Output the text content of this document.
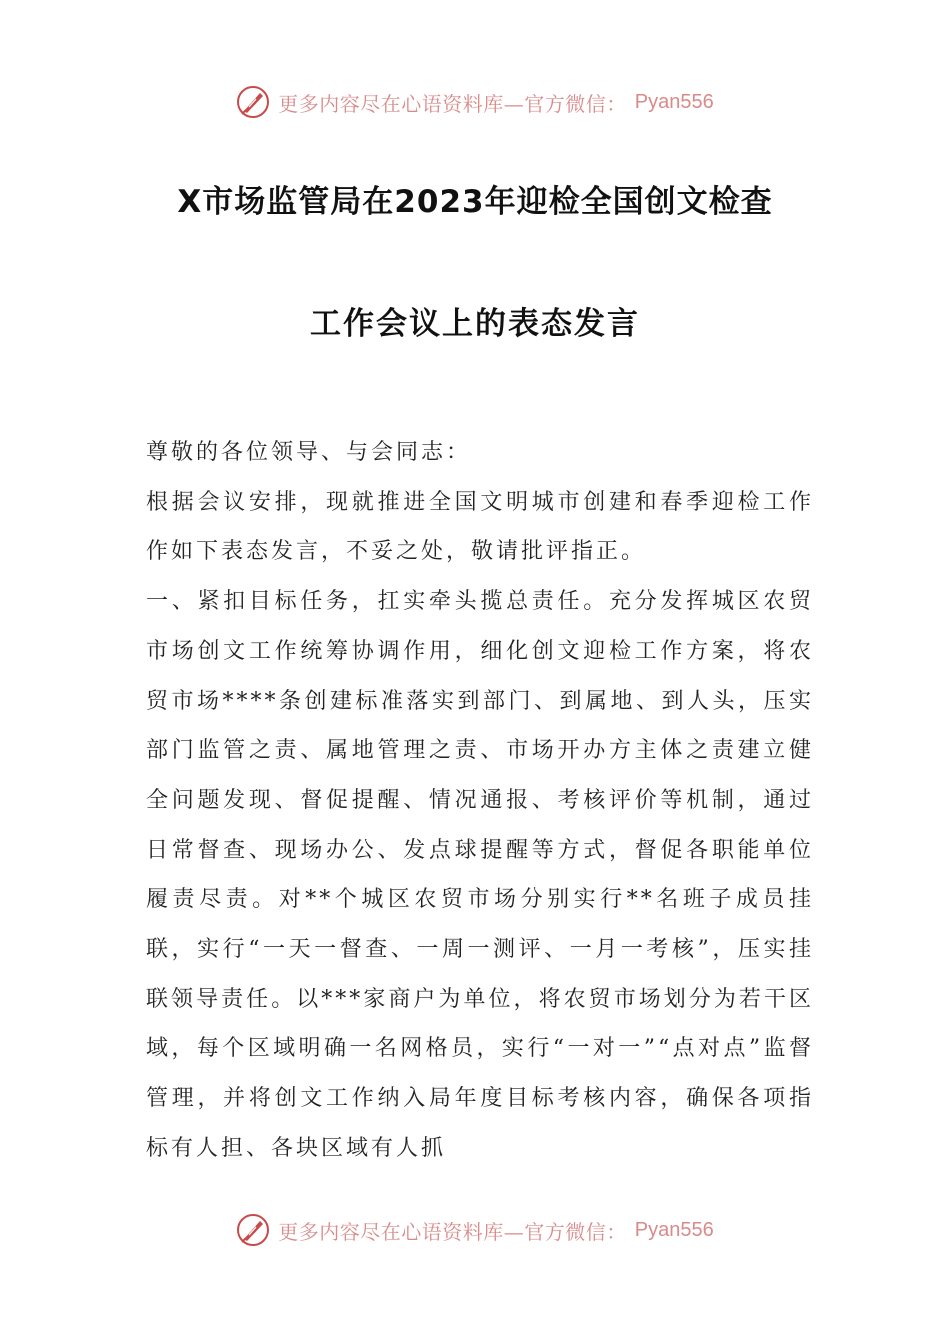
更多内容尽在心语资料库—官方微信： Pyan556
X市场监管局在2023年迎检全国创文检查
工作会议上的表态发言

尊敬的各位领导、与会同志：

根据会议安排，现就推进全国文明城市创建和春季迎检工作作如下表态发言，不妥之处，敬请批评指正。

一、紧扣目标任务，扛实牵头揽总责任。充分发挥城区农贸市场创文工作统筹协调作用，细化创文迎检工作方案，将农贸市场****条创建标准落实到部门、到属地、到人头，压实部门监管之责、属地管理之责、市场开办方主体之责建立健全问题发现、督促提醒、情况通报、考核评价等机制，通过日常督查、现场办公、发点球提醒等方式，督促各职能单位履责尽责。对**个城区农贸市场分别实行**名班子成员挂联，实行“一天一督查、一周一测评、一月一考核”，压实挂联领导责任。以***家商户为单位，将农贸市场划分为若干区域，每个区域明确一名网格员，实行“一对一”“点对点”监督管理，并将创文工作纳入局年度目标考核内容，确保各项指标有人担、各块区域有人抓

更多内容尽在心语资料库—官方微信： Pyan556
